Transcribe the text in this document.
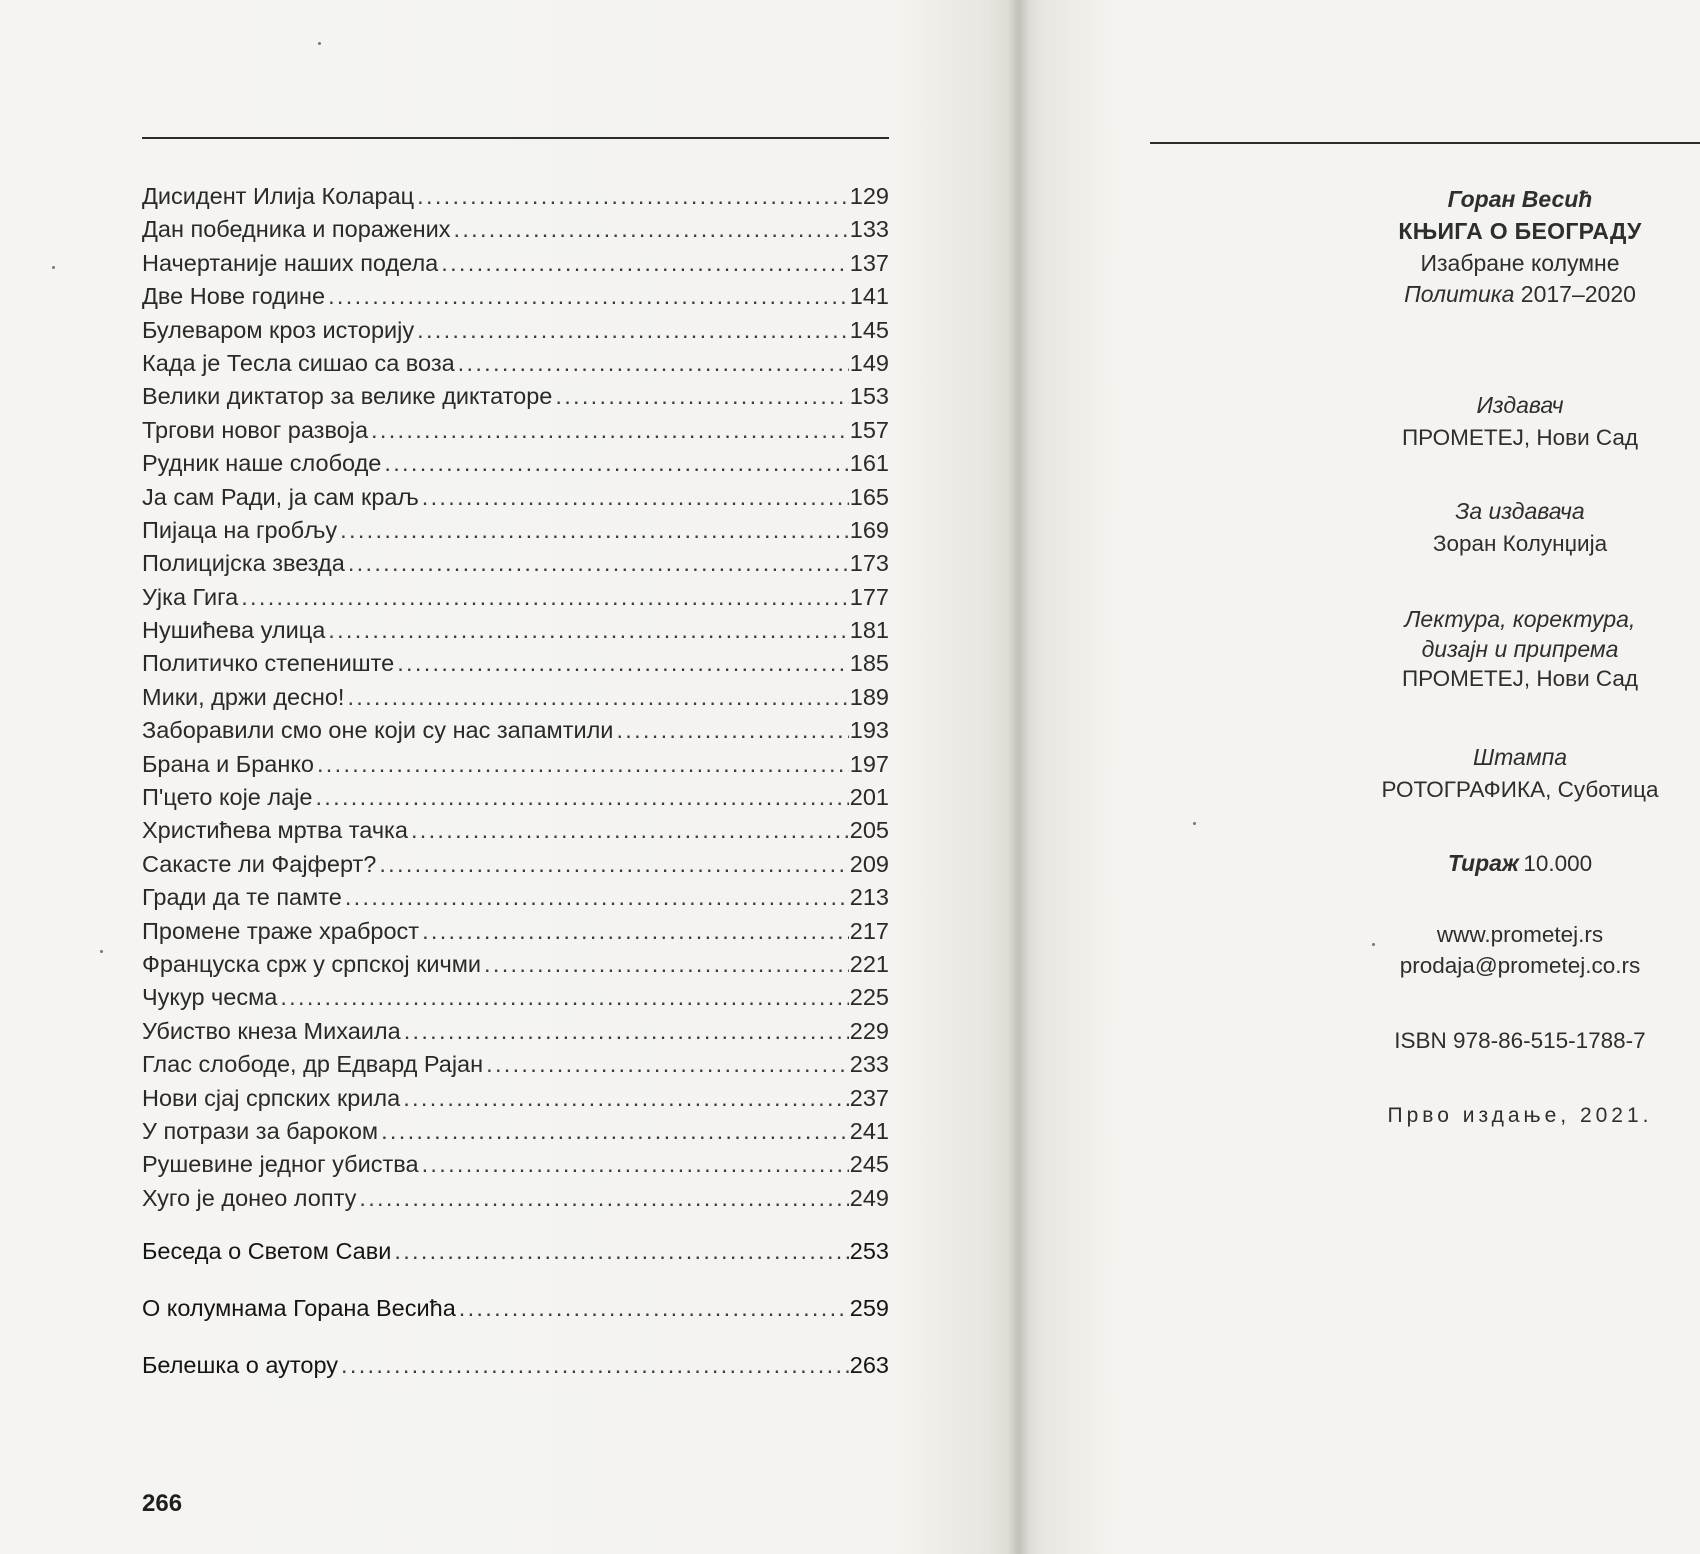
Дисидент Илија Коларац .....	129
Дан победника и поражених .....	133
Начертаније наших подела .....	137
Две Нове године .....	141
Булеваром кроз историју .....	145
Када је Тесла сишао са воза .....	149
Велики диктатор за велике диктаторе .....	153
Тргови новог развоја .....	157
Рудник наше слободе .....	161
Ја сам Ради, ја сам краљ .....	165
Пијаца на гробљу .....	169
Полицијска звезда .....	173
Ујка Гига .....	177
Нушићева улица .....	181
Политичко степениште .....	185
Мики, држи десно! .....	189
Заборавили смо оне који су нас запамтили .....	193
Брана и Бранко .....	197
П'цето које лаје .....	201
Христићева мртва тачка .....	205
Сакасте ли Фајферт? .....	209
Гради да те памте .....	213
Промене траже храброст .....	217
Француска срж у српској кичми .....	221
Чукур чесма .....	225
Убиство кнеза Михаила .....	229
Глас слободе, др Едвард Рајан .....	233
Нови сјај српских крила .....	237
У потрази за бароком .....	241
Рушевине једног убиства .....	245
Хуго је донео лопту .....	249
Беседа о Светом Сави .....	253
О колумнама Горана Весића .....	259
Белешка о аутору .....	263
266
Горан Весић
КЊИГА О БЕОГРАДУ
Изабране колумне
Политика 2017–2020
Издавач
ПРОМЕТЕЈ, Нови Сад
За издавача
Зоран Колунџија
Лектура, коректура,
дизајн и припрема
ПРОМЕТЕЈ, Нови Сад
Штампа
РОТОГРАФИКА, Суботица
Тираж 10.000
www.prometej.rs
prodaja@prometej.co.rs
ISBN 978-86-515-1788-7
Прво издање, 2021.
